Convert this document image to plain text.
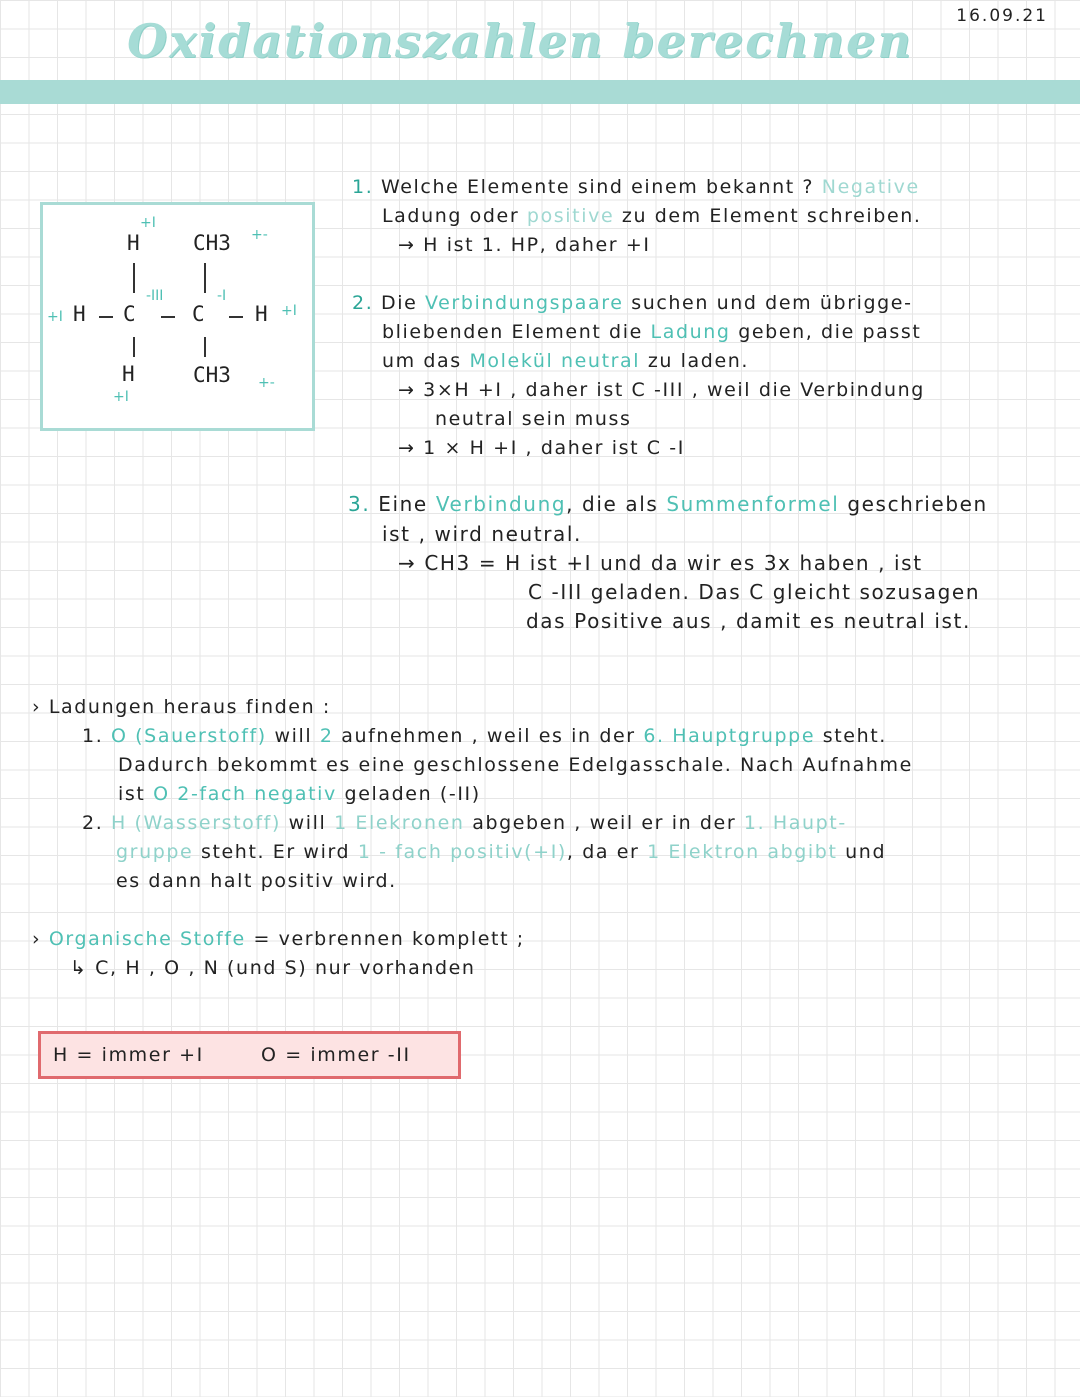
Oxidationszahlen berechnen	16.09.21
H
+I
CH3 +-
+I H C
-III
C
-I
H +I
H
+I
CH3 +-
1. Welche Elemente sind einem bekannt ? Negative
Ladung oder positive zu dem Element schreiben.
→ H ist 1. HP, daher +I
2. Die Verbindungspaare suchen und dem übrigge-
bliebenden Element die Ladung geben, die passt
um das Molekül neutral zu laden.
→ 3×H +I , daher ist C -III , weil die Verbindung
neutral sein muss
→ 1 × H +I , daher ist C -I
3. Eine Verbindung, die als Summenformel geschrieben
ist , wird neutral.
→ CH3 = H ist +I und da wir es 3x haben , ist
C -III geladen. Das C gleicht sozusagen
das Positive aus , damit es neutral ist.
› Ladungen heraus finden :
1. O (Sauerstoff) will 2 aufnehmen , weil es in der 6. Hauptgruppe steht.
Dadurch bekommt es eine geschlossene Edelgasschale. Nach Aufnahme
ist O 2-fach negativ geladen (-II)
2. H (Wasserstoff) will 1 Elekronen abgeben , weil er in der 1. Haupt-
gruppe steht. Er wird 1 - fach positiv(+I), da er 1 Elektron abgibt und
es dann halt positiv wird.
› Organische Stoffe = verbrennen komplett ;
↳ C, H , O , N (und S) nur vorhanden
H = immer +I	O = immer -II
